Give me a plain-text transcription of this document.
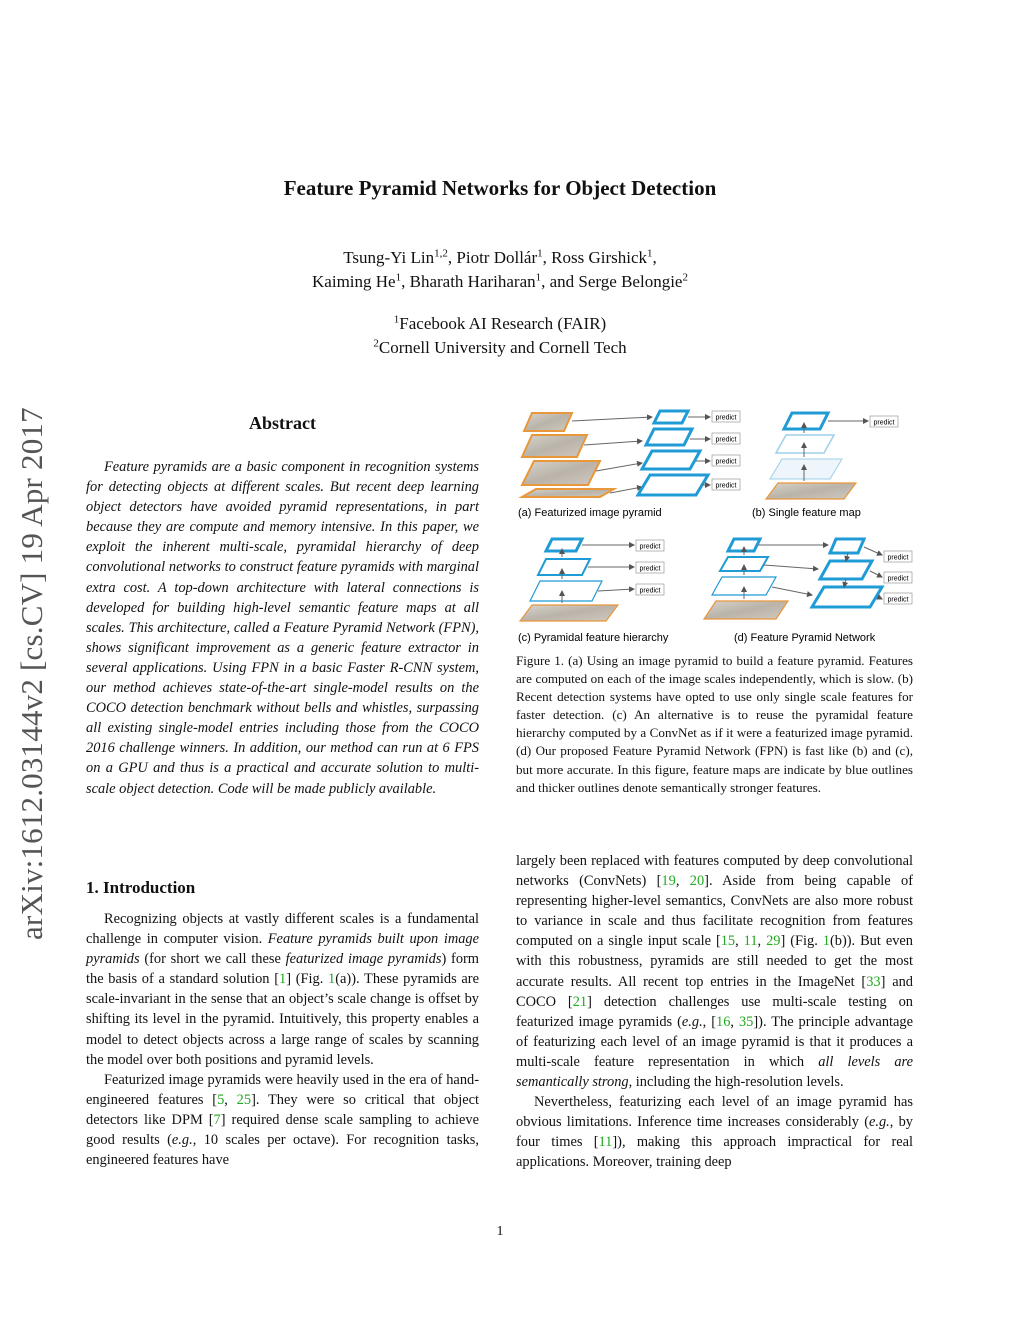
Feature Pyramid Networks for Object Detection
Tsung-Yi Lin$^{1,2}$, Piotr Dollár$^1$, Ross Girshick$^1$,
Kaiming He$^1$, Bharath Hariharan$^1$, and Serge Belongie$^2$
$^1$Facebook AI Research (FAIR)
$^2$Cornell University and Cornell Tech
arXiv:1612.03144v2 [cs.CV] 19 Apr 2017	Abstract

Feature pyramids are a basic component in recognition systems for detecting objects at different scales. But recent deep learning object detectors have avoided pyramid representations, in part because they are compute and memory intensive. In this paper, we exploit the inherent multi-scale, pyramidal hierarchy of deep convolutional networks to construct feature pyramids with marginal extra cost. A top-down architecture with lateral connections is developed for building high-level semantic feature maps at all scales. This architecture, called a Feature Pyramid Network (FPN), shows significant improvement as a generic feature extractor in several applications. Using FPN in a basic Faster R-CNN system, our method achieves state-of-the-art single-model results on the COCO detection benchmark without bells and whistles, surpassing all existing single-model entries including those from the COCO 2016 challenge winners. In addition, our method can run at 6 FPS on a GPU and thus is a practical and accurate solution to multi-scale object detection. Code will be made publicly available.

1. Introduction

Recognizing objects at vastly different scales is a fundamental challenge in computer vision. Feature pyramids built upon image pyramids (for short we call these featurized image pyramids) form the basis of a standard solution [1] (Fig. 1(a)). These pyramids are scale-invariant in the sense that an object’s scale change is offset by shifting its level in the pyramid. Intuitively, this property enables a model to detect objects across a large range of scales by scanning the model over both positions and pyramid levels.

Featurized image pyramids were heavily used in the era of hand-engineered features [5, 25]. They were so critical that object detectors like DPM [7] required dense scale sampling to achieve good results (e.g., 10 scales per octave). For recognition tasks, engineered features have

largely been replaced with features computed by deep convolutional networks (ConvNets) [19, 20]. Aside from being capable of representing higher-level semantics, ConvNets are also more robust to variance in scale and thus facilitate recognition from features computed on a single input scale [15, 11, 29] (Fig. 1(b)). But even with this robustness, pyramids are still needed to get the most accurate results. All recent top entries in the ImageNet [33] and COCO [21] detection challenges use multi-scale testing on featurized image pyramids (e.g., [16, 35]). The principle advantage of featurizing each level of an image pyramid is that it produces a multi-scale feature representation in which all levels are semantically strong, including the high-resolution levels.

Nevertheless, featurizing each level of an image pyramid has obvious limitations. Inference time increases considerably (e.g., by four times [11]), making this approach impractical for real applications. Moreover, training deep

predict
predict
predict
predict
predict
(a) Featurized image pyramid	(b) Single feature map
predict
predict
predict
predict
predict
predict
(c) Pyramidal feature hierarchy	(d) Feature Pyramid Network
Figure 1. (a) Using an image pyramid to build a feature pyramid. Features are computed on each of the image scales independently, which is slow. (b) Recent detection systems have opted to use only single scale features for faster detection. (c) An alternative is to reuse the pyramidal feature hierarchy computed by a ConvNet as if it were a featurized image pyramid. (d) Our proposed Feature Pyramid Network (FPN) is fast like (b) and (c), but more accurate. In this figure, feature maps are indicate by blue outlines and thicker outlines denote semantically stronger features.
1
